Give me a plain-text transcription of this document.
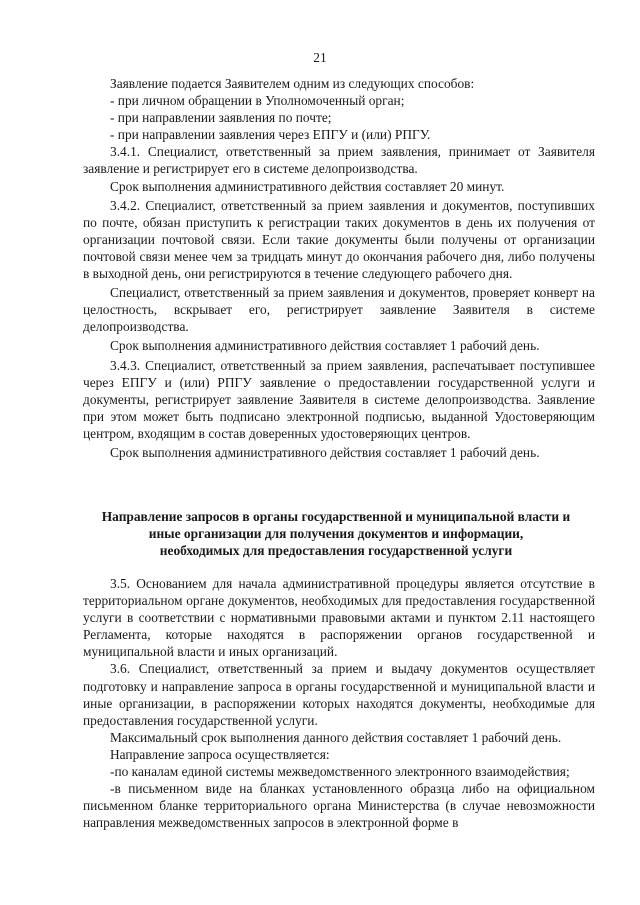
21

Заявление подается Заявителем одним из следующих способов:

- при личном обращении в Уполномоченный орган;

- при направлении заявления по почте;

- при направлении заявления через ЕПГУ и (или) РПГУ.

3.4.1. Специалист, ответственный за прием заявления, принимает от Заявителя заявление и регистрирует его в системе делопроизводства.

Срок выполнения административного действия составляет 20 минут.

3.4.2. Специалист, ответственный за прием заявления и документов, поступивших по почте, обязан приступить к регистрации таких документов в день их получения от организации почтовой связи. Если такие документы были получены от организации почтовой связи менее чем за тридцать минут до окончания рабочего дня, либо получены в выходной день, они регистрируются в течение следующего рабочего дня.

Специалист, ответственный за прием заявления и документов, проверяет конверт на целостность, вскрывает его, регистрирует заявление Заявителя в системе делопроизводства.

Срок выполнения административного действия составляет 1 рабочий день.

3.4.3. Специалист, ответственный за прием заявления, распечатывает поступившее через ЕПГУ и (или) РПГУ заявление о предоставлении государственной услуги и документы, регистрирует заявление Заявителя в системе делопроизводства. Заявление при этом может быть подписано электронной подписью, выданной Удостоверяющим центром, входящим в состав доверенных удостоверяющих центров.

Срок выполнения административного действия составляет 1 рабочий день.

Направление запросов в органы государственной и муниципальной власти и
иные организации для получения документов и информации,
необходимых для предоставления государственной услуги

3.5. Основанием для начала административной процедуры является отсутствие в территориальном органе документов, необходимых для предоставления государственной услуги в соответствии с нормативными правовыми актами и пунктом 2.11 настоящего Регламента, которые находятся в распоряжении органов государственной и муниципальной власти и иных организаций.

3.6. Специалист, ответственный за прием и выдачу документов осуществляет подготовку и направление запроса в органы государственной и муниципальной власти и иные организации, в распоряжении которых находятся документы, необходимые для предоставления государственной услуги.

Максимальный срок выполнения данного действия составляет 1 рабочий день.

Направление запроса осуществляется:

-по каналам единой системы межведомственного электронного взаимодействия;

-в письменном виде на бланках установленного образца либо на официальном письменном бланке территориального органа Министерства (в случае невозможности направления межведомственных запросов в электронной форме в
